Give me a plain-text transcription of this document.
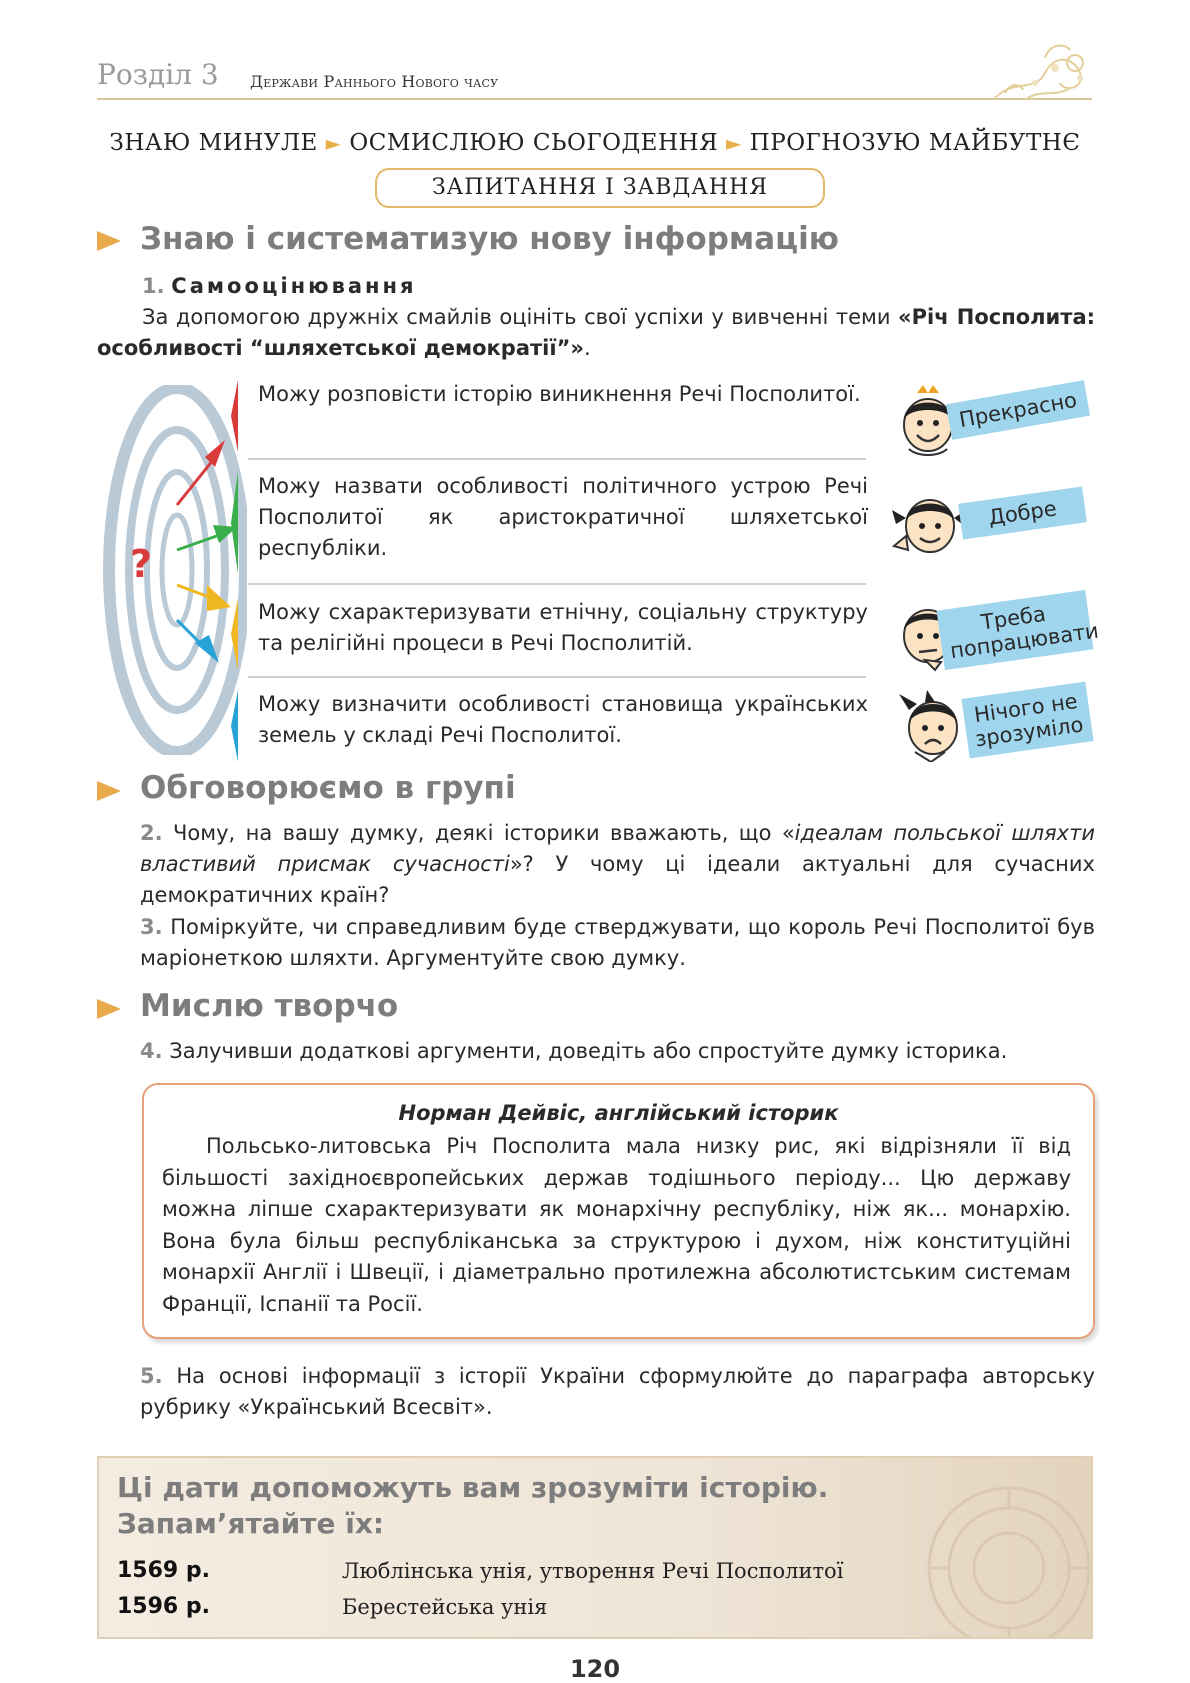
Розділ 3 Держави Раннього Нового часу
ЗНАЮ МИНУЛЕ ► ОСМИСЛЮЮ СЬОГОДЕННЯ ► ПРОГНОЗУЮ МАЙБУТНЄ
ЗАПИТАННЯ І ЗАВДАННЯ
Знаю і систематизую нову інформацію
1. Самооцінювання
За допомогою дружніх смайлів оцініть свої успіхи у вивченні теми «Річ Посполита: особливості “шляхетської демократії”».
?
Можу розповісти історію виникнення Речі Посполитої.
Можу назвати особливості політичного устрою Речі Посполитої як аристократичної шляхетської республіки.
Можу схарактеризувати етнічну, соціальну структуру та релігійні процеси в Речі Посполитій.
Можу визначити особливості становища українських земель у складі Речі Посполитої.
Прекрасно
Добре
Треба попрацювати
Нічого не зрозуміло
Обговорюємо в групі
2. Чому, на вашу думку, деякі історики вважають, що «ідеалам польської шляхти властивий присмак сучасності»? У чому ці ідеали актуальні для сучасних демократичних країн?
3. Поміркуйте, чи справедливим буде стверджувати, що король Речі Посполитої був маріонеткою шляхти. Аргументуйте свою думку.
Мислю творчо
4. Залучивши додаткові аргументи, доведіть або спростуйте думку історика.
Норман Дейвіс, англійський історик
Польсько-литовська Річ Посполита мала низку рис, які відрізняли її від більшості західноєвропейських держав тодішнього періоду... Цю державу можна ліпше схарактеризувати як монархічну республіку, ніж як... монархію. Вона була більш республіканська за структурою і духом, ніж конституційні монархії Англії і Швеції, і діаметрально протилежна абсолютистським системам Франції, Іспанії та Росії.
5. На основі інформації з історії України сформулюйте до параграфа авторську рубрику «Український Всесвіт».
Ці дати допоможуть вам зрозуміти історію.
Запам’ятайте їх:
1569 р.	Люблінська унія, утворення Речі Посполитої
1596 р.	Берестейська унія
120
